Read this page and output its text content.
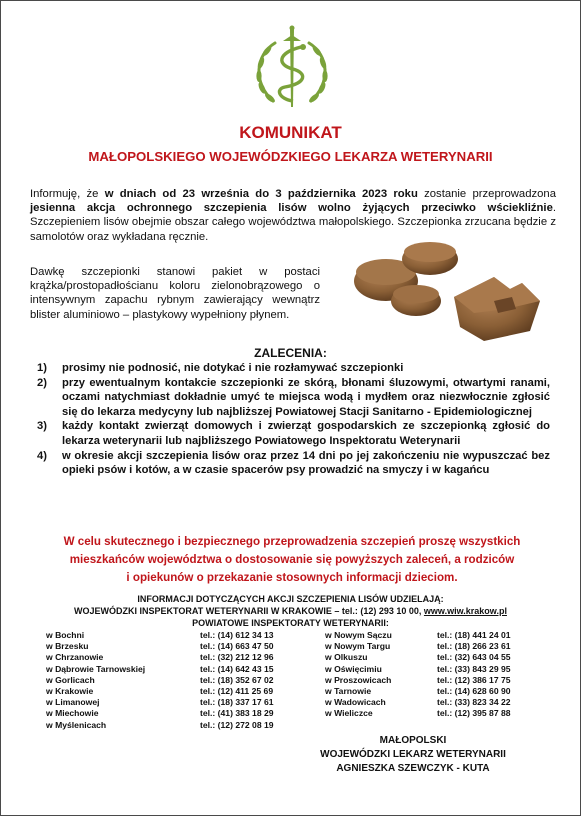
KOMUNIKAT
MAŁOPOLSKIEGO WOJEWÓDZKIEGO LEKARZA WETERYNARII
Informuję, że w dniach od 23 września do 3 października 2023 roku zostanie przeprowadzona jesienna akcja ochronnego szczepienia lisów wolno żyjących przeciwko wściekliźnie. Szczepieniem lisów obejmie obszar całego województwa małopolskiego. Szczepionka zrzucana będzie z samolotów oraz wykładana ręcznie.
Dawkę szczepionki stanowi pakiet w postaci krążka/prostopadłościanu koloru zielonobrązowego o intensywnym zapachu rybnym zawierający wewnątrz blister aluminiowo – plastykowy wypełniony płynem.
ZALECENIA:
1) prosimy nie podnosić, nie dotykać i nie rozłamywać szczepionki
2) przy ewentualnym kontakcie szczepionki ze skórą, błonami śluzowymi, otwartymi ranami, oczami natychmiast dokładnie umyć te miejsca wodą i mydłem oraz niezwłocznie zgłosić się do lekarza medycyny lub najbliższej Powiatowej Stacji Sanitarno - Epidemiologicznej
3) każdy kontakt zwierząt domowych i zwierząt gospodarskich ze szczepionką zgłosić do lekarza weterynarii lub najbliższego Powiatowego Inspektoratu Weterynarii
4) w okresie akcji szczepienia lisów oraz przez 14 dni po jej zakończeniu nie wypuszczać bez opieki psów i kotów, a w czasie spacerów psy prowadzić na smyczy i w kagańcu
W celu skutecznego i bezpiecznego przeprowadzenia szczepień proszę wszystkich
mieszkańców województwa o dostosowanie się powyższych zaleceń, a rodziców
i opiekunów o przekazanie stosownych informacji dzieciom.
INFORMACJI DOTYCZĄCYCH AKCJI SZCZEPIENIA LISÓW UDZIELAJĄ:
WOJEWÓDZKI INSPEKTORAT WETERYNARII W KRAKOWIE – tel.: (12) 293 10 00, www.wiw.krakow.pl
POWIATOWE INSPEKTORATY WETERYNARII:
w Bochni	tel.: (14) 612 34 13	w Nowym Sączu	tel.: (18) 441 24 01
w Brzesku	tel.: (14) 663 47 50	w Nowym Targu	tel.: (18) 266 23 61
w Chrzanowie	tel.: (32) 212 12 96	w Olkuszu	tel.: (32) 643 04 55
w Dąbrowie Tarnowskiej	tel.: (14) 642 43 15	w Oświęcimiu	tel.: (33) 843 29 95
w Gorlicach	tel.: (18) 352 67 02	w Proszowicach	tel.: (12) 386 17 75
w Krakowie	tel.: (12) 411 25 69	w Tarnowie	tel.: (14) 628 60 90
w Limanowej	tel.: (18) 337 17 61	w Wadowicach	tel.: (33) 823 34 22
w Miechowie	tel.: (41) 383 18 29	w Wieliczce	tel.: (12) 395 87 88
w Myślenicach	tel.: (12) 272 08 19		
MAŁOPOLSKI
WOJEWÓDZKI LEKARZ WETERYNARII
AGNIESZKA SZEWCZYK - KUTA
